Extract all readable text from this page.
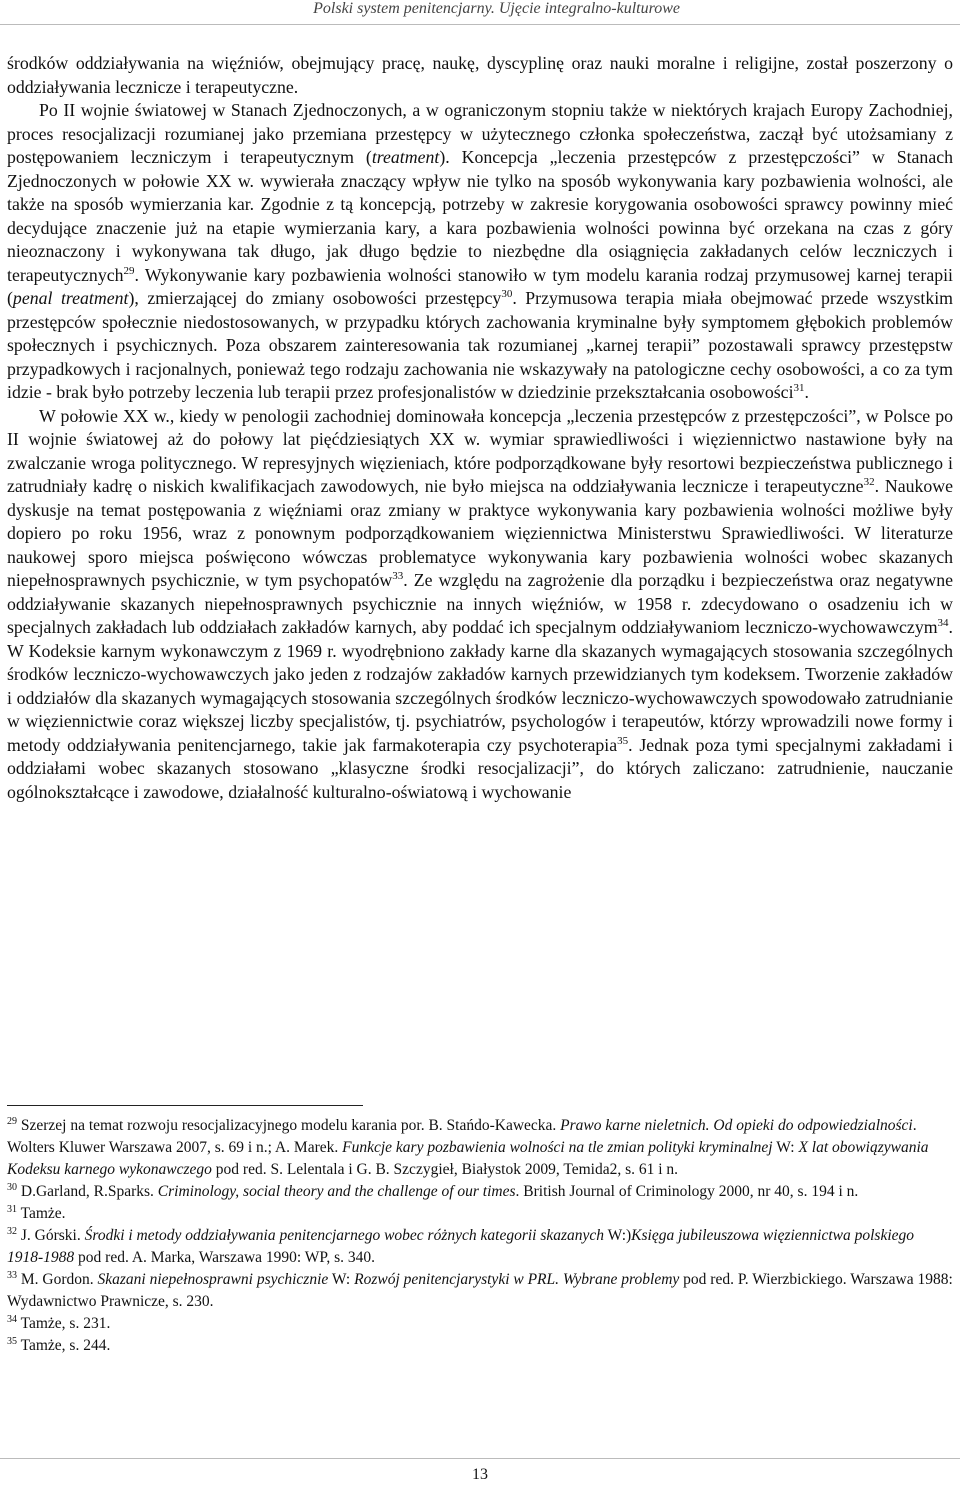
Polski system penitencjarny. Ujęcie integralno-kulturowe

środków oddziaływania na więźniów, obejmujący pracę, naukę, dyscyplinę oraz nauki moralne i religijne, został poszerzony o oddziaływania lecznicze i terapeutyczne.

Po II wojnie światowej w Stanach Zjednoczonych, a w ograniczonym stopniu także w niektórych krajach Europy Zachodniej, proces resocjalizacji rozumianej jako przemiana przestępcy w użytecznego członka społeczeństwa, zaczął być utożsamiany z postępowaniem leczniczym i terapeutycznym (treatment). Koncepcja „leczenia przestępców z przestępczości” w Stanach Zjednoczonych w połowie XX w. wywierała znaczący wpływ nie tylko na sposób wykonywania kary pozbawienia wolności, ale także na sposób wymierzania kar. Zgodnie z tą koncepcją, potrzeby w zakresie korygowania osobowości sprawcy powinny mieć decydujące znaczenie już na etapie wymierzania kary, a kara pozbawienia wolności powinna być orzekana na czas z góry nieoznaczony i wykonywana tak długo, jak długo będzie to niezbędne dla osiągnięcia zakładanych celów leczniczych i terapeutycznych$^{29}$. Wykonywanie kary pozbawienia wolności stanowiło w tym modelu karania rodzaj przymusowej karnej terapii (penal treatment), zmierzającej do zmiany osobowości przestępcy$^{30}$. Przymusowa terapia miała obejmować przede wszystkim przestępców społecznie niedostosowanych, w przypadku których zachowania kryminalne były symptomem głębokich problemów społecznych i psychicznych. Poza obszarem zainteresowania tak rozumianej „karnej terapii” pozostawali sprawcy przestępstw przypadkowych i racjonalnych, ponieważ tego rodzaju zachowania nie wskazywały na patologiczne cechy osobowości, a co za tym idzie - brak było potrzeby leczenia lub terapii przez profesjonalistów w dziedzinie przekształcania osobowości$^{31}$.

W połowie XX w., kiedy w penologii zachodniej dominowała koncepcja „leczenia przestępców z przestępczości”, w Polsce po II wojnie światowej aż do połowy lat pięćdziesiątych XX w. wymiar sprawiedliwości i więziennictwo nastawione były na zwalczanie wroga politycznego. W represyjnych więzieniach, które podporządkowane były resortowi bezpieczeństwa publicznego i zatrudniały kadrę o niskich kwalifikacjach zawodowych, nie było miejsca na oddziaływania lecznicze i terapeutyczne$^{32}$. Naukowe dyskusje na temat postępowania z więźniami oraz zmiany w praktyce wykonywania kary pozbawienia wolności możliwe były dopiero po roku 1956, wraz z ponownym podporządkowaniem więziennictwa Ministerstwu Sprawiedliwości. W literaturze naukowej sporo miejsca poświęcono wówczas problematyce wykonywania kary pozbawienia wolności wobec skazanych niepełnosprawnych psychicznie, w tym psychopatów$^{33}$. Ze względu na zagrożenie dla porządku i bezpieczeństwa oraz negatywne oddziaływanie skazanych niepełnosprawnych psychicznie na innych więźniów, w 1958 r. zdecydowano o osadzeniu ich w specjalnych zakładach lub oddziałach zakładów karnych, aby poddać ich specjalnym oddziaływaniom leczniczo-wychowawczym$^{34}$. W Kodeksie karnym wykonawczym z 1969 r. wyodrębniono zakłady karne dla skazanych wymagających stosowania szczególnych środków leczniczo-wychowawczych jako jeden z rodzajów zakładów karnych przewidzianych tym kodeksem. Tworzenie zakładów i oddziałów dla skazanych wymagających stosowania szczególnych środków leczniczo-wychowawczych spowodowało zatrudnianie w więziennictwie coraz większej liczby specjalistów, tj. psychiatrów, psychologów i terapeutów, którzy wprowadzili nowe formy i metody oddziaływania penitencjarnego, takie jak farmakoterapia czy psychoterapia$^{35}$. Jednak poza tymi specjalnymi zakładami i oddziałami wobec skazanych stosowano „klasyczne środki resocjalizacji”, do których zaliczano: zatrudnienie, nauczanie ogólnokształcące i zawodowe, działalność kulturalno-oświatową i wychowanie

$^{29}$ Szerzej na temat rozwoju resocjalizacyjnego modelu karania por. B. Stańdo-Kawecka. Prawo karne nieletnich. Od opieki do odpowiedzialności. Wolters Kluwer Warszawa 2007, s. 69 i n.; A. Marek. Funkcje kary pozbawienia wolności na tle zmian polityki kryminalnej W: X lat obowiązywania Kodeksu karnego wykonawczego pod red. S. Lelentala i G. B. Szczygieł, Białystok 2009, Temida2, s. 61 i n.

$^{30}$ D.Garland, R.Sparks. Criminology, social theory and the challenge of our times. British Journal of Criminology 2000, nr 40, s. 194 i n.

$^{31}$ Tamże.

$^{32}$ J. Górski. Środki i metody oddziaływania penitencjarnego wobec różnych kategorii skazanych W:)Księga jubileuszowa więziennictwa polskiego 1918-1988 pod red. A. Marka, Warszawa 1990: WP, s. 340.

$^{33}$ M. Gordon. Skazani niepełnosprawni psychicznie W: Rozwój penitencjarystyki w PRL. Wybrane problemy pod red. P. Wierzbickiego. Warszawa 1988: Wydawnictwo Prawnicze, s. 230.

$^{34}$ Tamże, s. 231.

$^{35}$ Tamże, s. 244.

13
